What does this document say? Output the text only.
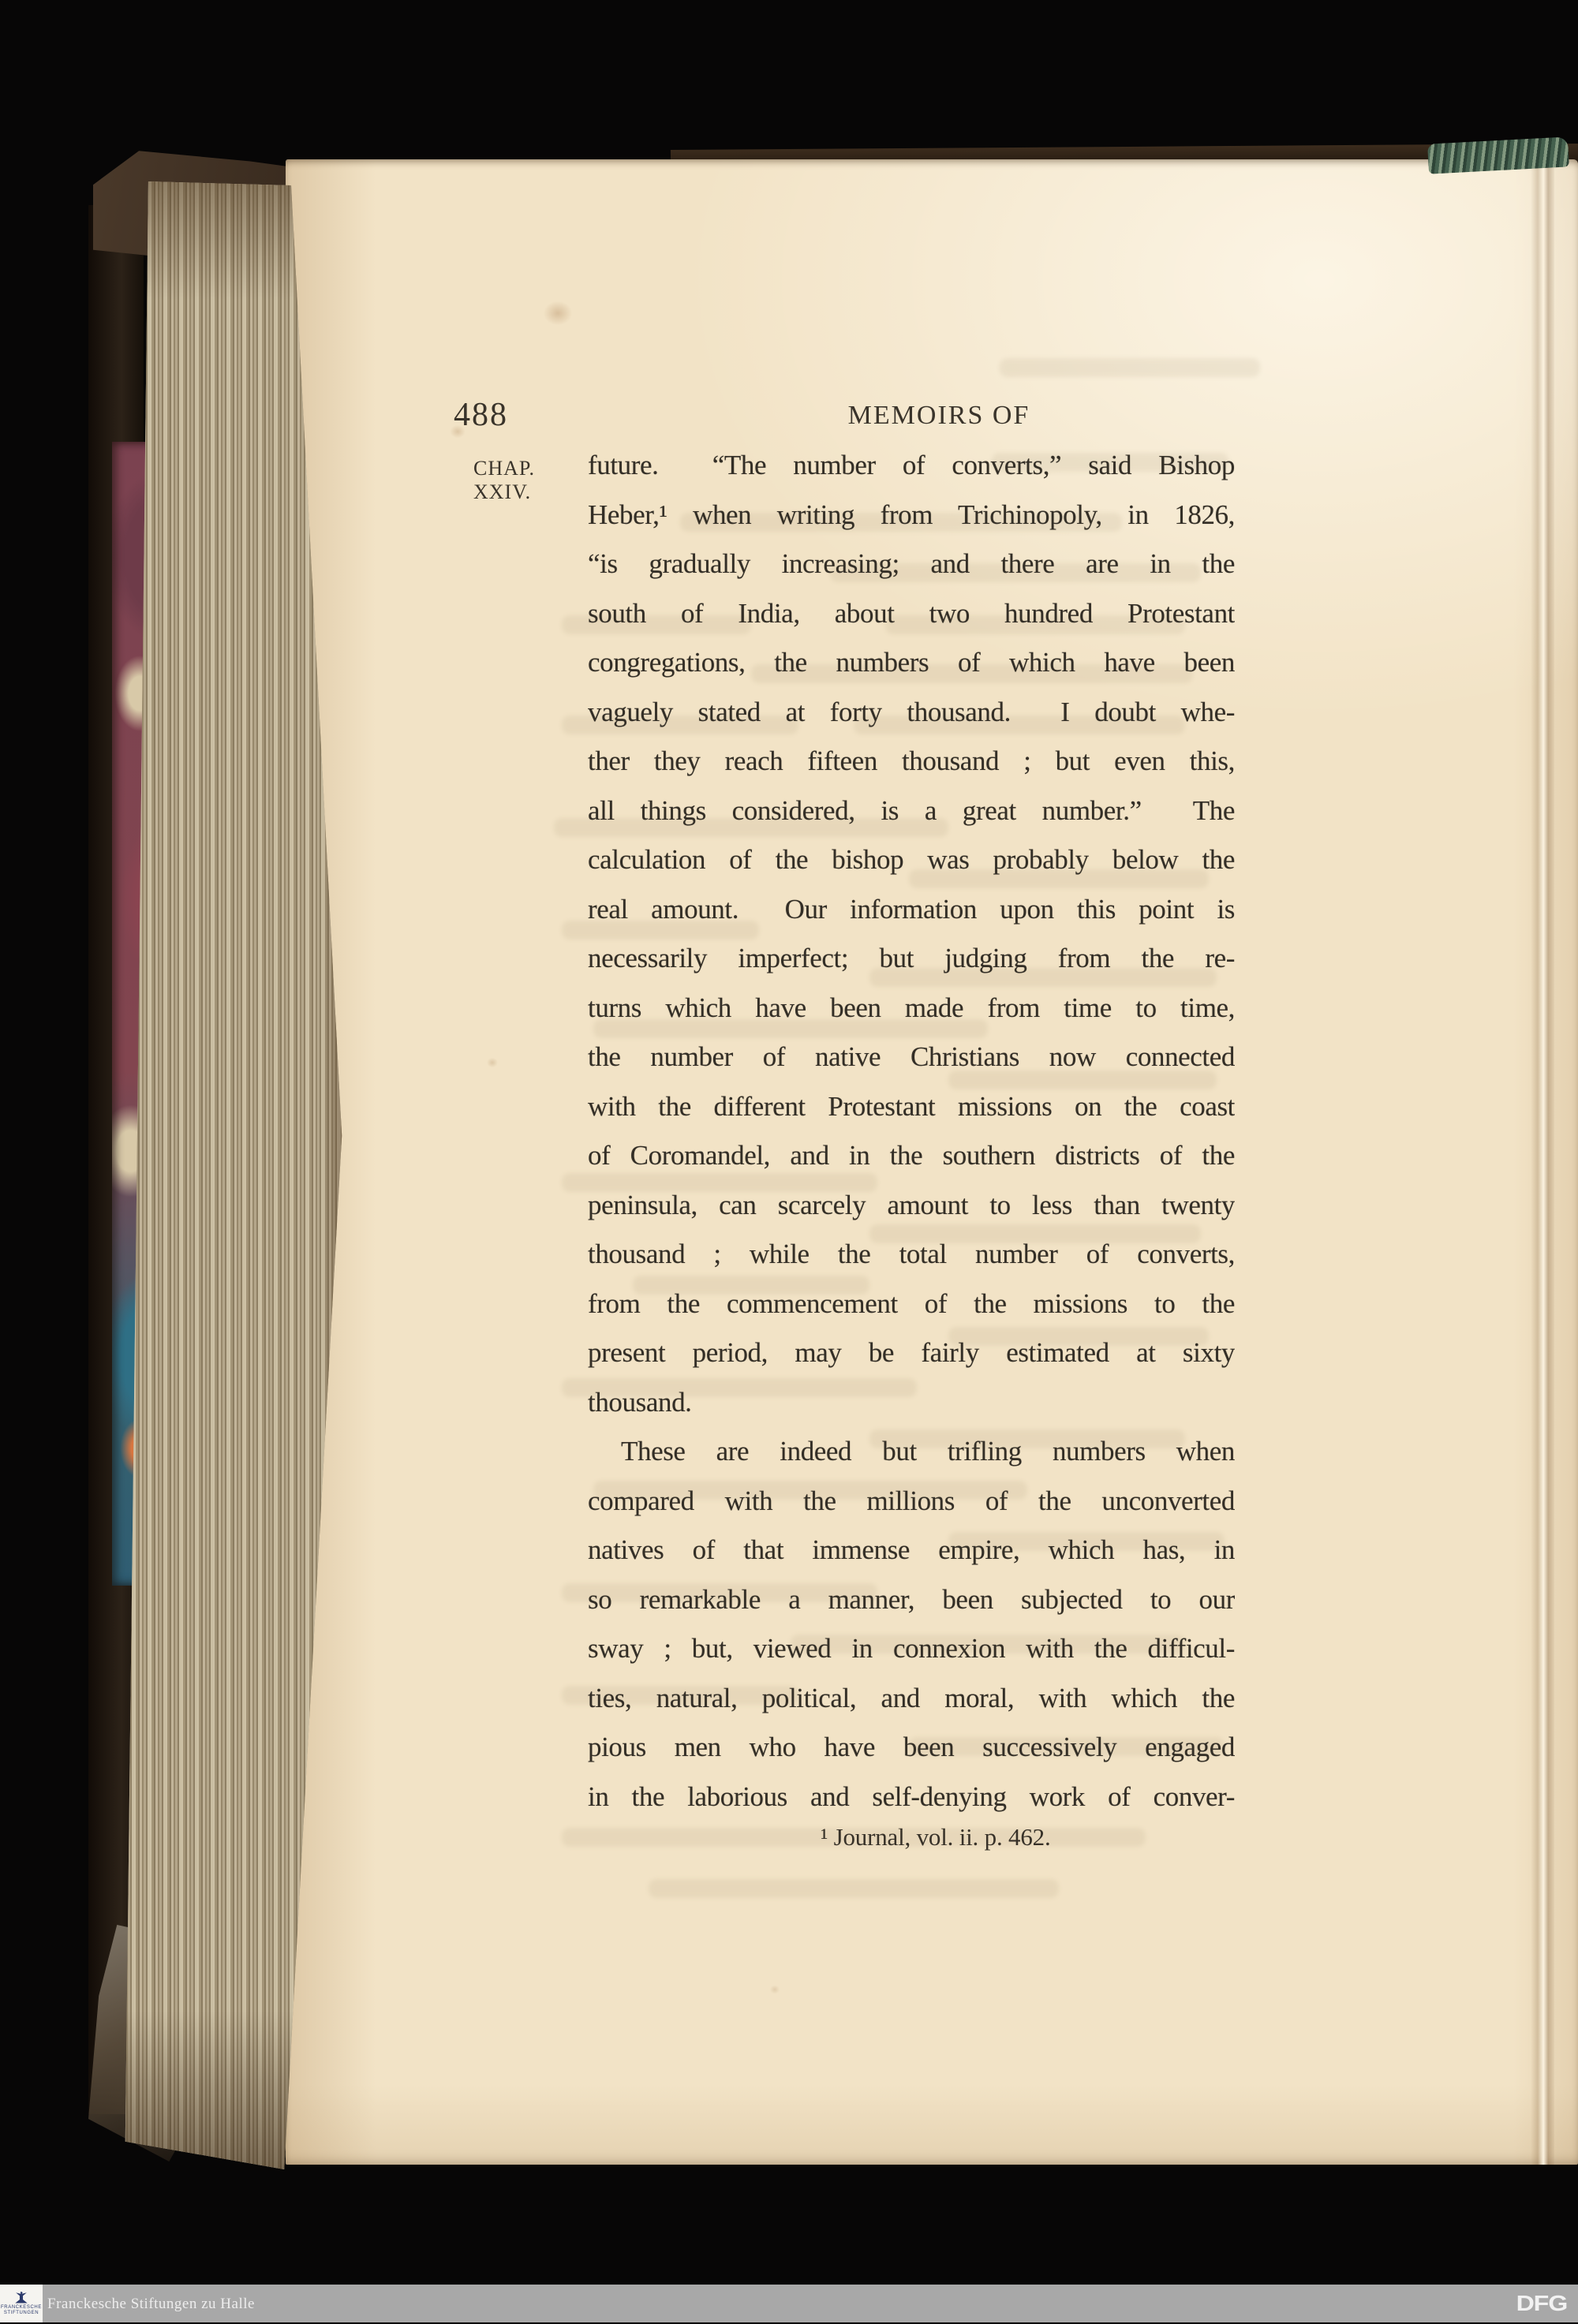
488	MEMOIRS OF
CHAP.
XXIV.
future.  “The number of converts,” said Bishop
Heber,¹ when writing from Trichinopoly, in 1826,
“is gradually increasing; and there are in the
south of India, about two hundred Protestant
congregations, the numbers of which have been
vaguely stated at forty thousand.  I doubt whe-
ther they reach fifteen thousand ; but even this,
all things considered, is a great number.”  The
calculation of the bishop was probably below the
real amount.  Our information upon this point is
necessarily imperfect; but judging from the re-
turns which have been made from time to time,
the number of native Christians now connected
with the different Protestant missions on the coast
of Coromandel, and in the southern districts of the
peninsula, can scarcely amount to less than twenty
thousand ; while the total number of converts,
from the commencement of the missions to the
present period, may be fairly estimated at sixty
thousand.
These are indeed but trifling numbers when
compared with the millions of the unconverted
natives of that immense empire, which has, in
so remarkable a manner, been subjected to our
sway ; but, viewed in connexion with the difficul-
ties, natural, political, and moral, with which the
pious men who have been successively engaged
in the laborious and self-denying work of conver-
¹ Journal, vol. ii. p. 462.
FRANCKESCHE
STIFTUNGEN
Franckesche Stiftungen zu Halle	DFG
